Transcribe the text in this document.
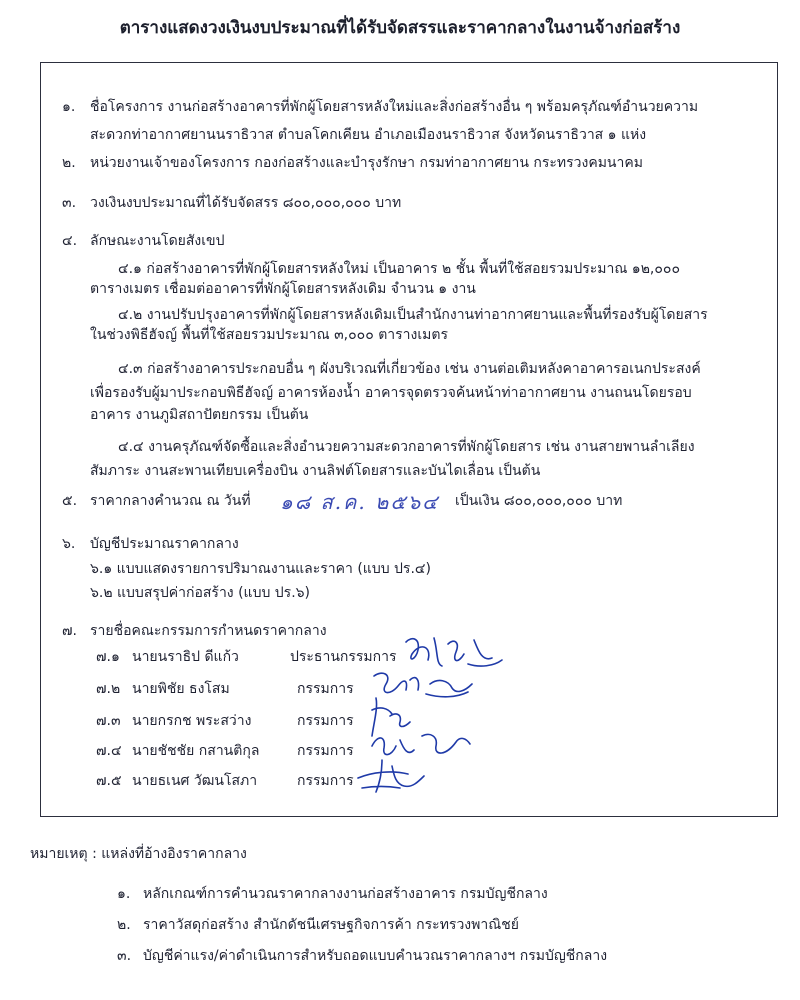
ตารางแสดงวงเงินงบประมาณที่ได้รับจัดสรรและราคากลางในงานจ้างก่อสร้าง
๑. ชื่อโครงการ งานก่อสร้างอาคารที่พักผู้โดยสารหลังใหม่และสิ่งก่อสร้างอื่น ๆ พร้อมครุภัณฑ์อำนวยความ
สะดวกท่าอากาศยานนราธิวาส ตำบลโคกเคียน อำเภอเมืองนราธิวาส จังหวัดนราธิวาส ๑ แห่ง
๒. หน่วยงานเจ้าของโครงการ กองก่อสร้างและบำรุงรักษา กรมท่าอากาศยาน กระทรวงคมนาคม
๓. วงเงินงบประมาณที่ได้รับจัดสรร ๘๐๐,๐๐๐,๐๐๐ บาท
๔. ลักษณะงานโดยสังเขป
๔.๑ ก่อสร้างอาคารที่พักผู้โดยสารหลังใหม่ เป็นอาคาร ๒ ชั้น พื้นที่ใช้สอยรวมประมาณ ๑๒,๐๐๐
ตารางเมตร เชื่อมต่ออาคารที่พักผู้โดยสารหลังเดิม จำนวน ๑ งาน
๔.๒ งานปรับปรุงอาคารที่พักผู้โดยสารหลังเดิมเป็นสำนักงานท่าอากาศยานและพื้นที่รองรับผู้โดยสาร
ในช่วงพิธีฮัจญ์ พื้นที่ใช้สอยรวมประมาณ ๓,๐๐๐ ตารางเมตร
๔.๓ ก่อสร้างอาคารประกอบอื่น ๆ ผังบริเวณที่เกี่ยวข้อง เช่น งานต่อเติมหลังคาอาคารอเนกประสงค์
เพื่อรองรับผู้มาประกอบพิธีฮัจญ์ อาคารห้องน้ำ อาคารจุดตรวจค้นหน้าท่าอากาศยาน งานถนนโดยรอบ
อาคาร งานภูมิสถาปัตยกรรม เป็นต้น
๔.๔ งานครุภัณฑ์จัดซื้อและสิ่งอำนวยความสะดวกอาคารที่พักผู้โดยสาร เช่น งานสายพานลำเลียง
สัมภาระ งานสะพานเทียบเครื่องบิน งานลิฟต์โดยสารและบันไดเลื่อน เป็นต้น
๕. ราคากลางคำนวณ ณ วันที่ ๑๘ ส.ค. ๒๕๖๔ เป็นเงิน ๘๐๐,๐๐๐,๐๐๐ บาท
๖. บัญชีประมาณราคากลาง
๖.๑ แบบแสดงรายการปริมาณงานและราคา (แบบ ปร.๔)
๖.๒ แบบสรุปค่าก่อสร้าง (แบบ ปร.๖)
๗. รายชื่อคณะกรรมการกำหนดราคากลาง
๗.๑ นายนราธิป ดีแก้ว	ประธานกรรมการ
๗.๒ นายพิชัย ธงโสม	กรรมการ
๗.๓ นายกรกช พระสว่าง	กรรมการ
๗.๔ นายชัชชัย กสานติกุล	กรรมการ
๗.๕ นายธเนศ วัฒนโสภา	กรรมการ
หมายเหตุ : แหล่งที่อ้างอิงราคากลาง
๑. หลักเกณฑ์การคำนวณราคากลางงานก่อสร้างอาคาร กรมบัญชีกลาง
๒. ราคาวัสดุก่อสร้าง สำนักดัชนีเศรษฐกิจการค้า กระทรวงพาณิชย์
๓. บัญชีค่าแรง/ค่าดำเนินการสำหรับถอดแบบคำนวณราคากลางฯ กรมบัญชีกลาง
